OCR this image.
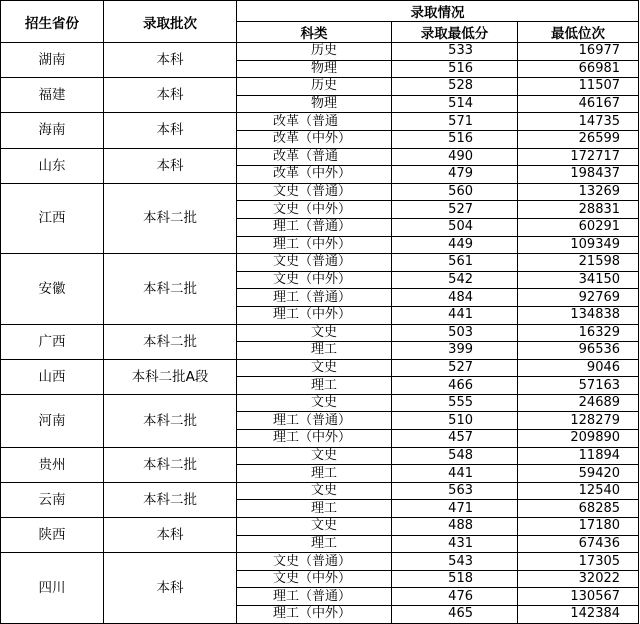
招生省份	录取批次	录取情况		
		科类	录取最低分	最低位次
湖南	本科	历史	533	16977
		物理	516	66981
福建	本科	历史	528	11507
		物理	514	46167
海南	本科	改革（普通	571	14735
		改革（中外）	516	26599
山东	本科	改革（普通	490	172717
		改革（中外）	479	198437
江西	本科二批	文史（普通）	560	13269
		文史（中外）	527	28831
		理工（普通）	504	60291
		理工（中外）	449	109349
安徽	本科二批	文史（普通）	561	21598
		文史（中外）	542	34150
		理工（普通）	484	92769
		理工（中外）	441	134838
广西	本科二批	文史	503	16329
		理工	399	96536
山西	本科二批A段	文史	527	9046
		理工	466	57163
河南	本科二批	文史	555	24689
		理工（普通）	510	128279
		理工（中外）	457	209890
贵州	本科二批	文史	548	11894
		理工	441	59420
云南	本科二批	文史	563	12540
		理工	471	68285
陕西	本科	文史	488	17180
		理工	431	67436
四川	本科	文史（普通）	543	17305
		文史（中外）	518	32022
		理工（普通）	476	130567
		理工（中外）	465	142384
